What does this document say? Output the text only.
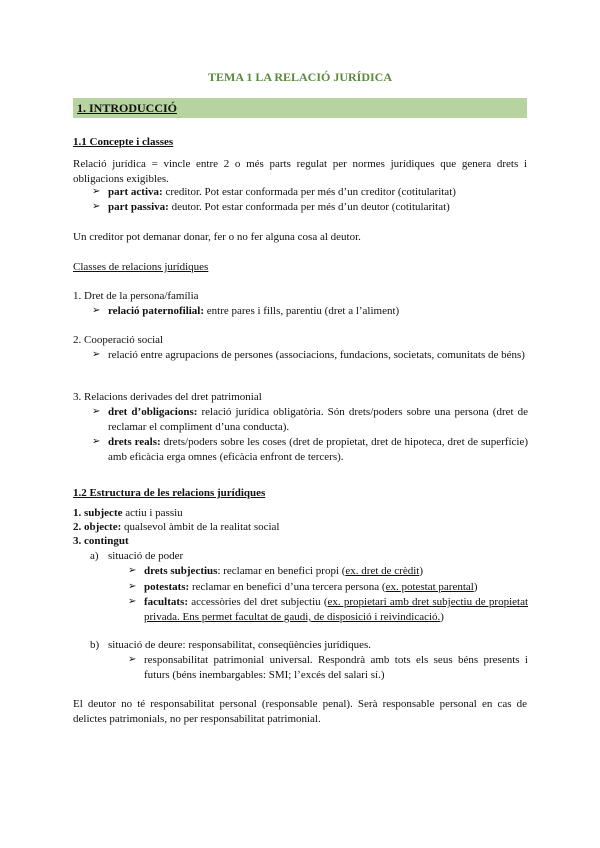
TEMA 1 LA RELACIÓ JURÍDICA
1. INTRODUCCIÓ
1.1 Concepte i classes
Relació jurídica = vincle entre 2 o més parts regulat per normes jurídiques que genera drets i obligacions exigibles.
➢ part activa: creditor. Pot estar conformada per més d’un creditor (cotitularitat)
➢ part passiva: deutor. Pot estar conformada per més d’un deutor (cotitularitat)
Un creditor pot demanar donar, fer o no fer alguna cosa al deutor.
Classes de relacions jurídiques
1. Dret de la persona/família
➢ relació paternofilial: entre pares i fills, parentiu (dret a l’aliment)
2. Cooperació social
➢ relació entre agrupacions de persones (associacions, fundacions, societats, comunitats de béns)
3. Relacions derivades del dret patrimonial
➢ dret d’obligacions: relació jurídica obligatòria. Són drets/poders sobre una persona (dret de reclamar el compliment d’una conducta).
➢ drets reals: drets/poders sobre les coses (dret de propietat, dret de hipoteca, dret de superfície) amb eficàcia erga omnes (eficàcia enfront de tercers).
1.2 Estructura de les relacions jurídiques
1. subjecte actiu i passiu
2. objecte: qualsevol àmbit de la realitat social
3. contingut
a) situació de poder
➢ drets subjectius: reclamar en benefici propi (ex. dret de crèdit)
➢ potestats: reclamar en benefici d’una tercera persona (ex. potestat parental)
➢ facultats: accessòries del dret subjectiu (ex. propietari amb dret subjectiu de propietat privada. Ens permet facultat de gaudi, de disposició i reivindicació.)
b) situació de deure: responsabilitat, conseqüències jurídiques.
➢ responsabilitat patrimonial universal. Respondrà amb tots els seus béns presents i futurs (béns inembargables: SMI; l’excés del salari sí.)
El deutor no té responsabilitat personal (responsable penal). Serà responsable personal en cas de delictes patrimonials, no per responsabilitat patrimonial.
